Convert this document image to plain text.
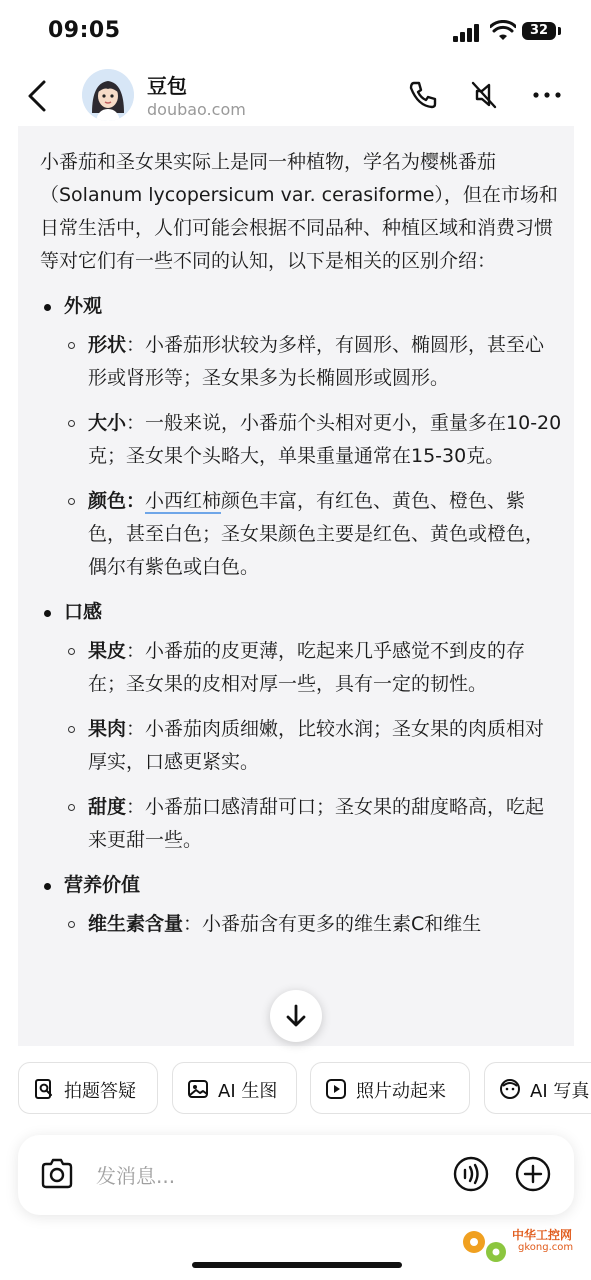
09:05	32
豆包
doubao.com

小番茄和圣女果实际上是同一种植物，学名为樱桃番茄（Solanum lycopersicum var. cerasiforme），但在市场和日常生活中，人们可能会根据不同品种、种植区域和消费习惯等对它们有一些不同的认知，以下是相关的区别介绍：

外观

形状：小番茄形状较为多样，有圆形、椭圆形，甚至心形或肾形等；圣女果多为长椭圆形或圆形。

大小：一般来说，小番茄个头相对更小，重量多在10-20克；圣女果个头略大，单果重量通常在15-30克。

颜色：小西红柿颜色丰富，有红色、黄色、橙色、紫色，甚至白色；圣女果颜色主要是红色、黄色或橙色，偶尔有紫色或白色。

口感

果皮：小番茄的皮更薄，吃起来几乎感觉不到皮的存在；圣女果的皮相对厚一些，具有一定的韧性。

果肉：小番茄肉质细嫩，比较水润；圣女果的肉质相对厚实，口感更紧实。

甜度：小番茄口感清甜可口；圣女果的甜度略高，吃起来更甜一些。

营养价值

维生素含量：小番茄含有更多的维生素C和维生

拍题答疑	AI 生图	照片动起来	AI 写真
发消息...
中华工控网
gkong.com
